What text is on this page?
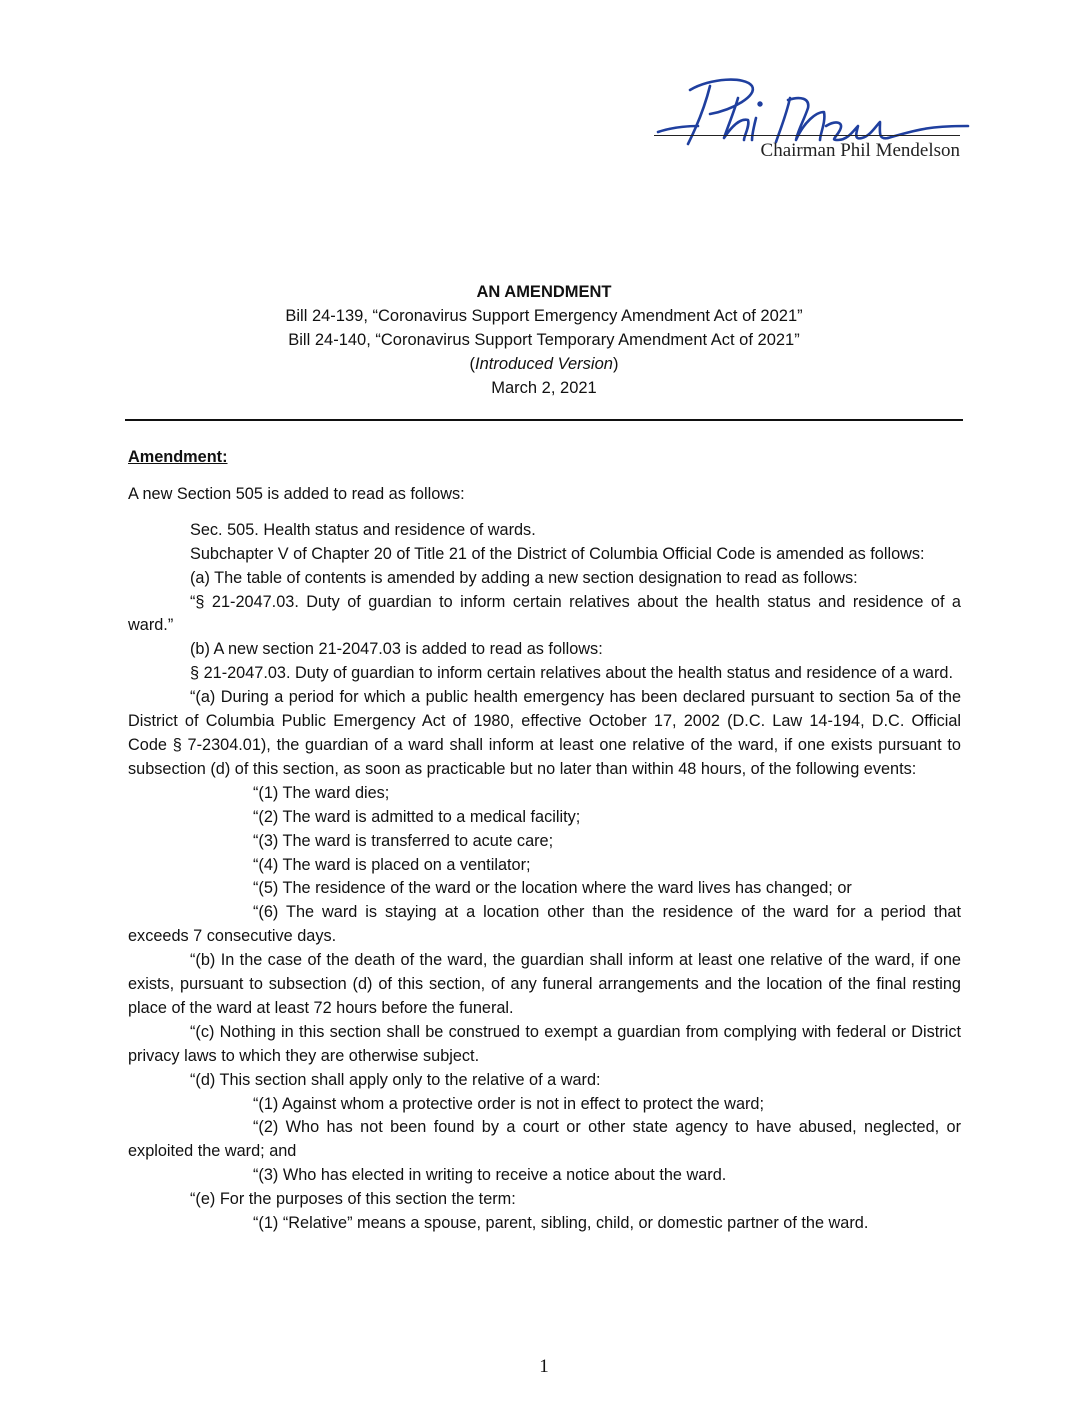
Chairman Phil Mendelson
AN AMENDMENT
Bill 24-139, “Coronavirus Support Emergency Amendment Act of 2021”
Bill 24-140, “Coronavirus Support Temporary Amendment Act of 2021”
(Introduced Version)
March 2, 2021

Amendment:

A new Section 505 is added to read as follows:

Sec. 505. Health status and residence of wards.

Subchapter V of Chapter 20 of Title 21 of the District of Columbia Official Code is amended as follows:

(a) The table of contents is amended by adding a new section designation to read as follows:

“§ 21-2047.03. Duty of guardian to inform certain relatives about the health status and residence of a ward.”

(b) A new section 21-2047.03 is added to read as follows:

§ 21-2047.03. Duty of guardian to inform certain relatives about the health status and residence of a ward.

“(a) During a period for which a public health emergency has been declared pursuant to section 5a of the District of Columbia Public Emergency Act of 1980, effective October 17, 2002 (D.C. Law 14-194, D.C. Official Code § 7-2304.01), the guardian of a ward shall inform at least one relative of the ward, if one exists pursuant to subsection (d) of this section, as soon as practicable but no later than within 48 hours, of the following events:

“(1) The ward dies;

“(2) The ward is admitted to a medical facility;

“(3) The ward is transferred to acute care;

“(4) The ward is placed on a ventilator;

“(5) The residence of the ward or the location where the ward lives has changed; or

“(6) The ward is staying at a location other than the residence of the ward for a period that exceeds 7 consecutive days.

“(b) In the case of the death of the ward, the guardian shall inform at least one relative of the ward, if one exists, pursuant to subsection (d) of this section, of any funeral arrangements and the location of the final resting place of the ward at least 72 hours before the funeral.

“(c) Nothing in this section shall be construed to exempt a guardian from complying with federal or District privacy laws to which they are otherwise subject.

“(d) This section shall apply only to the relative of a ward:

“(1) Against whom a protective order is not in effect to protect the ward;

“(2) Who has not been found by a court or other state agency to have abused, neglected, or exploited the ward; and

“(3) Who has elected in writing to receive a notice about the ward.

“(e) For the purposes of this section the term:

“(1) “Relative” means a spouse, parent, sibling, child, or domestic partner of the ward.

1
